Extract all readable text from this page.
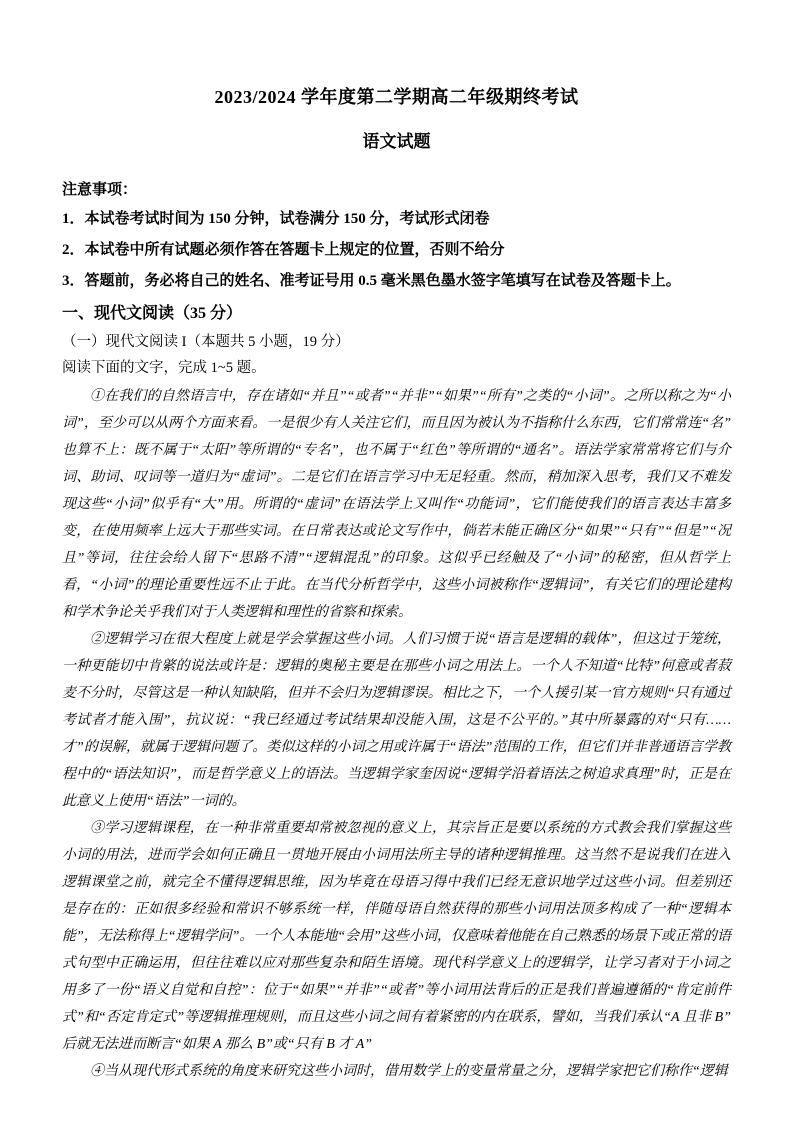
2023/2024 学年度第二学期高二年级期终考试
语文试题

注意事项：

1．本试卷考试时间为 150 分钟，试卷满分 150 分，考试形式闭卷

2．本试卷中所有试题必须作答在答题卡上规定的位置，否则不给分

3．答题前，务必将自己的姓名、准考证号用 0.5 毫米黑色墨水签字笔填写在试卷及答题卡上。

一、现代文阅读（35 分）

（一）现代文阅读 I（本题共 5 小题，19 分）

阅读下面的文字，完成 1~5 题。

①在我们的自然语言中，存在诸如“并且”“或者”“并非”“如果”“所有”之类的“小词”。之所以称之为“小词”，至少可以从两个方面来看。一是很少有人关注它们，而且因为被认为不指称什么东西，它们常常连“名”也算不上：既不属于“太阳”等所谓的“专名”，也不属于“红色”等所谓的“通名”。语法学家常常将它们与介词、助词、叹词等一道归为“虚词”。二是它们在语言学习中无足轻重。然而，稍加深入思考，我们又不难发现这些“小词”似乎有“大”用。所谓的“虚词”在语法学上又叫作“功能词”，它们能使我们的语言表达丰富多变，在使用频率上远大于那些实词。在日常表达或论文写作中，倘若未能正确区分“如果”“只有”“但是”“况且”等词，往往会给人留下“思路不清”“逻辑混乱”的印象。这似乎已经触及了“小词”的秘密，但从哲学上看，“小词”的理论重要性远不止于此。在当代分析哲学中，这些小词被称作“逻辑词”，有关它们的理论建构和学术争论关乎我们对于人类逻辑和理性的省察和探索。

②逻辑学习在很大程度上就是学会掌握这些小词。人们习惯于说“语言是逻辑的载体”，但这过于笼统，一种更能切中肯綮的说法或许是：逻辑的奥秘主要是在那些小词之用法上。一个人不知道“比特”何意或者菽麦不分时，尽管这是一种认知缺陷，但并不会归为逻辑谬误。相比之下，一个人援引某一官方规则“只有通过考试者才能入围”，抗议说：“我已经通过考试结果却没能入围，这是不公平的。”其中所暴露的对“只有……才”的误解，就属于逻辑问题了。类似这样的小词之用或许属于“语法”范围的工作，但它们并非普通语言学教程中的“语法知识”，而是哲学意义上的语法。当逻辑学家奎因说“逻辑学沿着语法之树追求真理”时，正是在此意义上使用“语法”一词的。

③学习逻辑课程，在一种非常重要却常被忽视的意义上，其宗旨正是要以系统的方式教会我们掌握这些小词的用法，进而学会如何正确且一贯地开展由小词用法所主导的诸种逻辑推理。这当然不是说我们在进入逻辑课堂之前，就完全不懂得逻辑思维，因为毕竟在母语习得中我们已经无意识地学过这些小词。但差别还是存在的：正如很多经验和常识不够系统一样，伴随母语自然获得的那些小词用法顶多构成了一种“逻辑本能”，无法称得上“逻辑学问”。一个人本能地“会用”这些小词，仅意味着他能在自己熟悉的场景下或正常的语式句型中正确运用，但往往难以应对那些复杂和陌生语境。现代科学意义上的逻辑学，让学习者对于小词之用多了一份“语义自觉和自控”：位于“如果”“并非”“或者”等小词用法背后的正是我们普遍遵循的“肯定前件式”和“否定肯定式”等逻辑推理规则，而且这些小词之间有着紧密的内在联系，譬如，当我们承认“A 且非 B”后就无法进而断言“如果 A 那么 B”或“只有 B 才 A”

④当从现代形式系统的角度来研究这些小词时，借用数学上的变量常量之分，逻辑学家把它们称作“逻辑
